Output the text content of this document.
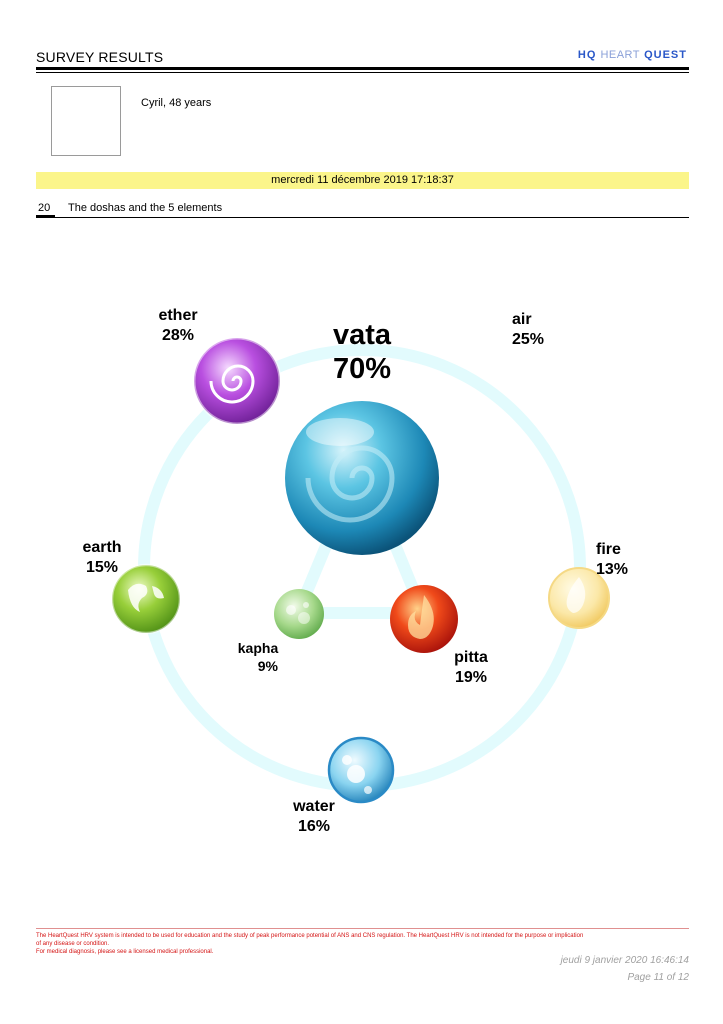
SURVEY RESULTS	HQ HEART QUEST
Cyril, 48 years
mercredi 11 décembre 2019 17:18:37
20 The doshas and the 5 elements
vata
70%
ether
28%
air
25%
earth
15%
fire
13%
kapha
9%	pitta
19%
water
16%
The HeartQuest HRV system is intended to be used for education and the study of peak performance potential of ANS and CNS regulation. The HeartQuest HRV is not intended for the purpose or implication
of any disease or condition.
For medical diagnosis, please see a licensed medical professional.
jeudi 9 janvier 2020 16:46:14
Page 11 of 12
